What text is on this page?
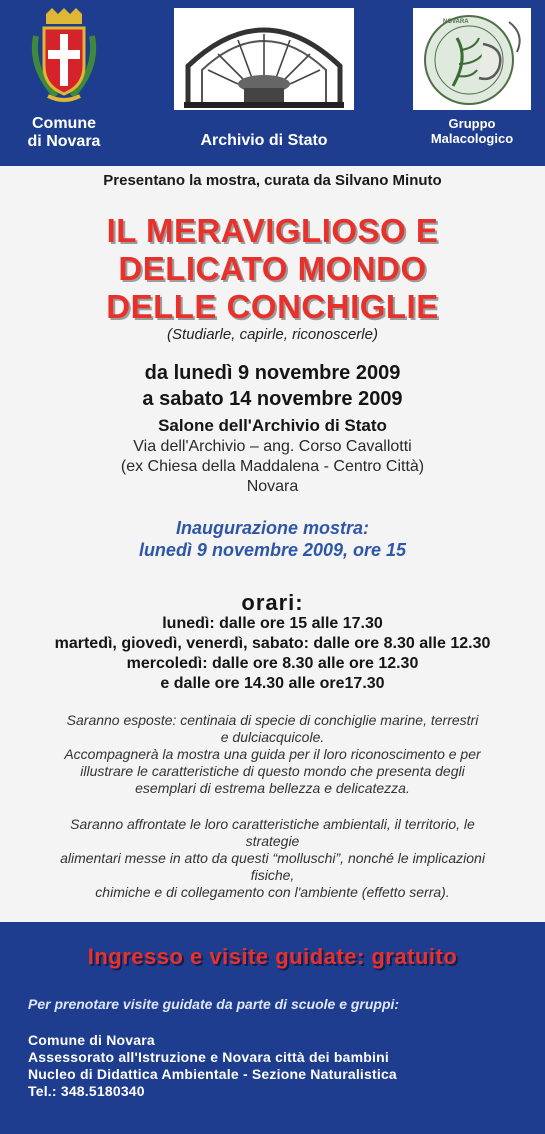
Comune
di Novara	Archivio di Stato
NOVARA
Gruppo
Malacologico
Presentano la mostra, curata da Silvano Minuto
IL MERAVIGLIOSO E
DELICATO MONDO
DELLE CONCHIGLIE
(Studiarle, capirle, riconoscerle)
da lunedì 9 novembre 2009
a sabato 14 novembre 2009
Salone dell'Archivio di Stato
Via dell'Archivio – ang. Corso Cavallotti
(ex Chiesa della Maddalena - Centro Città)
Novara
Inaugurazione mostra:
lunedì 9 novembre 2009, ore 15
orari:
lunedì: dalle ore 15 alle 17.30
martedì, giovedì, venerdì, sabato: dalle ore 8.30 alle 12.30
mercoledì: dalle ore 8.30 alle ore 12.30
e dalle ore 14.30 alle ore17.30
Saranno esposte: centinaia di specie di conchiglie marine, terrestri
e dulciacquicole.
Accompagnerà la mostra una guida per il loro riconoscimento e per
illustrare le caratteristiche di questo mondo che presenta degli
esemplari di estrema bellezza e delicatezza.
Saranno affrontate le loro caratteristiche ambientali, il territorio, le
strategie
alimentari messe in atto da questi “molluschi”, nonché le implicazioni
fisiche,
chimiche e di collegamento con l'ambiente (effetto serra).
Ingresso e visite guidate: gratuito
Per prenotare visite guidate da parte di scuole e gruppi:
Comune di Novara
Assessorato all'Istruzione e Novara città dei bambini
Nucleo di Didattica Ambientale - Sezione Naturalistica
Tel.: 348.5180340
